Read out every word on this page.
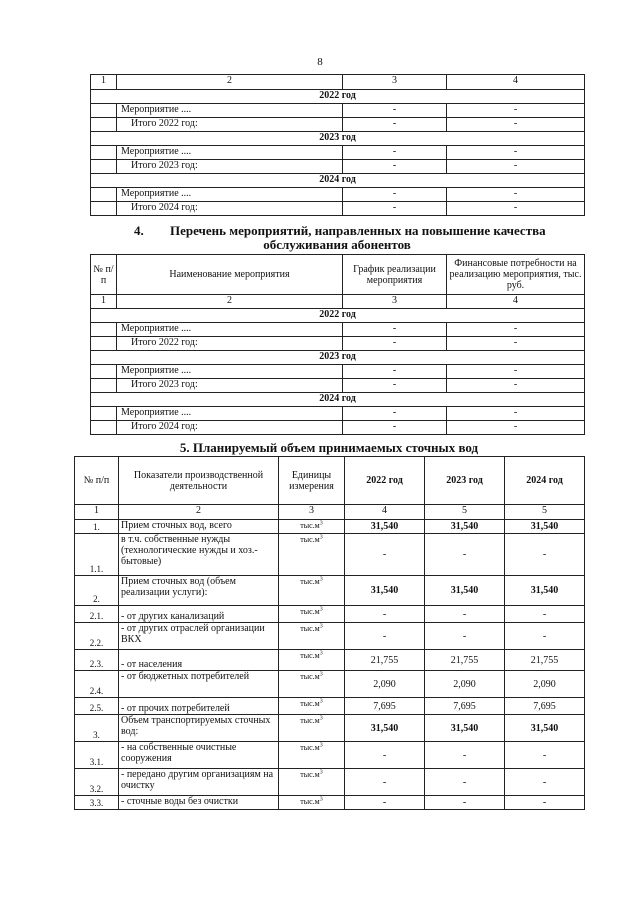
8
1	2	3	4
2022 год			
	Мероприятие ....	-	-
	Итого 2022 год:	-	-
2023 год			
	Мероприятие ....	-	-
	Итого 2023 год:	-	-
2024 год			
	Мероприятие ....	-	-
	Итого 2024 год:	-	-
4. Перечень мероприятий, направленных на повышение качества
обслуживания абонентов
№ п/п	Наименование мероприятия	График реализации мероприятия	Финансовые потребности на реализацию мероприятия, тыс. руб.
1	2	3	4
2022 год			
	Мероприятие ....	-	-
	Итого 2022 год:	-	-
2023 год			
	Мероприятие ....	-	-
	Итого 2023 год:	-	-
2024 год			
	Мероприятие ....	-	-
	Итого 2024 год:	-	-
5. Планируемый объем принимаемых сточных вод
№ п/п	Показатели производственной деятельности	Единицы измерения	2022 год	2023 год	2024 год
1	2	3	4	5	5
1.	Прием сточных вод, всего	$тыс.м^3$	31,540	31,540	31,540
1.1.	в т.ч. собственные нужды (технологические нужды и хоз.-бытовые)	$тыс.м^3$	-	-	-
2.	Прием сточных вод (объем реализации услуги):	$тыс.м^3$	31,540	31,540	31,540
2.1.	- от других канализаций	$тыс.м^3$	-	-	-
2.2.	- от других отраслей организации ВКХ	$тыс.м^3$	-	-	-
2.3.	- от населения	$тыс.м^3$	21,755	21,755	21,755
2.4.	- от бюджетных потребителей	$тыс.м^3$	2,090	2,090	2,090
2.5.	- от прочих потребителей	$тыс.м^3$	7,695	7,695	7,695
3.	Объем транспортируемых сточных вод:	$тыс.м^3$	31,540	31,540	31,540
3.1.	- на собственные очистные сооружения	$тыс.м^3$	-	-	-
3.2.	- передано другим организациям на очистку	$тыс.м^3$	-	-	-
3.3.	- сточные воды без очистки	$тыс.м^3$	-	-	-
